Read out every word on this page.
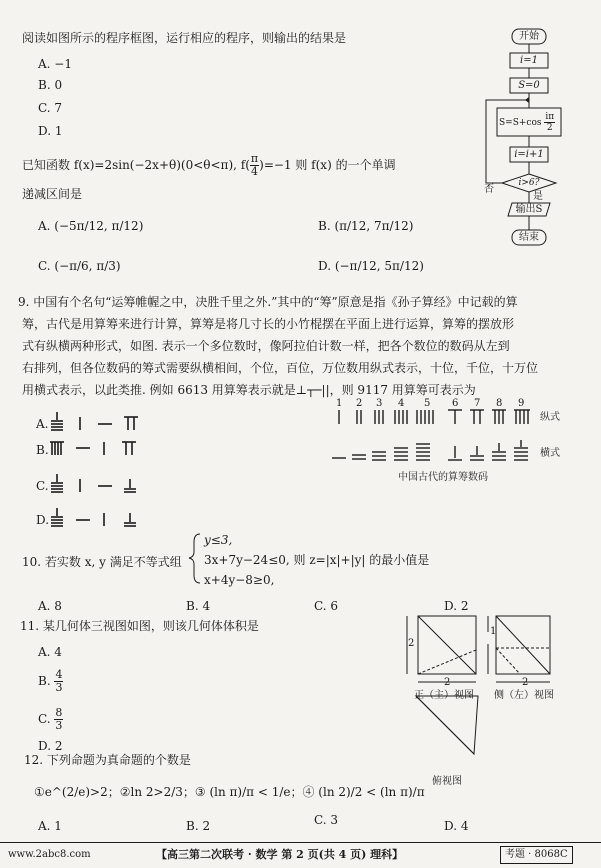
阅读如图所示的程序框图，运行相应的程序，则输出的结果是
A. −1
B. 0
C. 7
D. 1
开始
i=1
S=0
$S=S+\cos \frac{i\pi}{2}$
i=i+1
i>6?
是
否
输出S
结束
已知函数 f(x)=2sin(−2x+θ)(0<θ<π), $f( \frac{\pi}{4} )=-1$ 则 f(x) 的一个单调
递减区间是
A. (−5π/12, π/12)	B. (π/12, 7π/12)
C. (−π/6, π/3)	D. (−π/12, 5π/12)
9. 中国有个名句“运筹帷幄之中，决胜千里之外.”其中的“筹”原意是指《孙子算经》中记载的算
筹，古代是用算筹来进行计算，算筹是将几寸长的小竹棍摆在平面上进行运算，算筹的摆放形
式有纵横两种形式，如图. 表示一个多位数时，像阿拉伯计数一样，把各个数位的数码从左到
右排列，但各位数码的筹式需要纵横相间，个位，百位，万位数用纵式表示，十位，千位，十万位
用横式表示，以此类推. 例如 6613 用算筹表示就是⊥┬─||，则 9117 用算筹可表示为
A.
B.
C.
D.
1 2 3 4 5 6 7 8 9
纵式
横式
中国古代的算筹数码
10. 若实数 x, y 满足不等式组
y≤3,
3x+7y−24≤0, 则 z=|x|+|y| 的最小值是
x+4y−8≥0,
A. 8	B. 4	C. 6	D. 2
11. 某几何体三视图如图，则该几何体体积是
A. 4
B. $\frac{4}{3}$
C. $\frac{8}{3}$
D. 2
2
2
1
2
正（主）视图 侧（左）视图
俯视图
12. 下列命题为真命题的个数是
①e^(2/e)>2；②ln 2>2/3；③ (ln π)/π < 1/e；④ (ln 2)/2 < (ln π)/π
A. 1	B. 2	C. 3	D. 4
www.2abc8.com	【高三第二次联考 · 数学 第 2 页(共 4 页) 理科】	考题 · 8068C
